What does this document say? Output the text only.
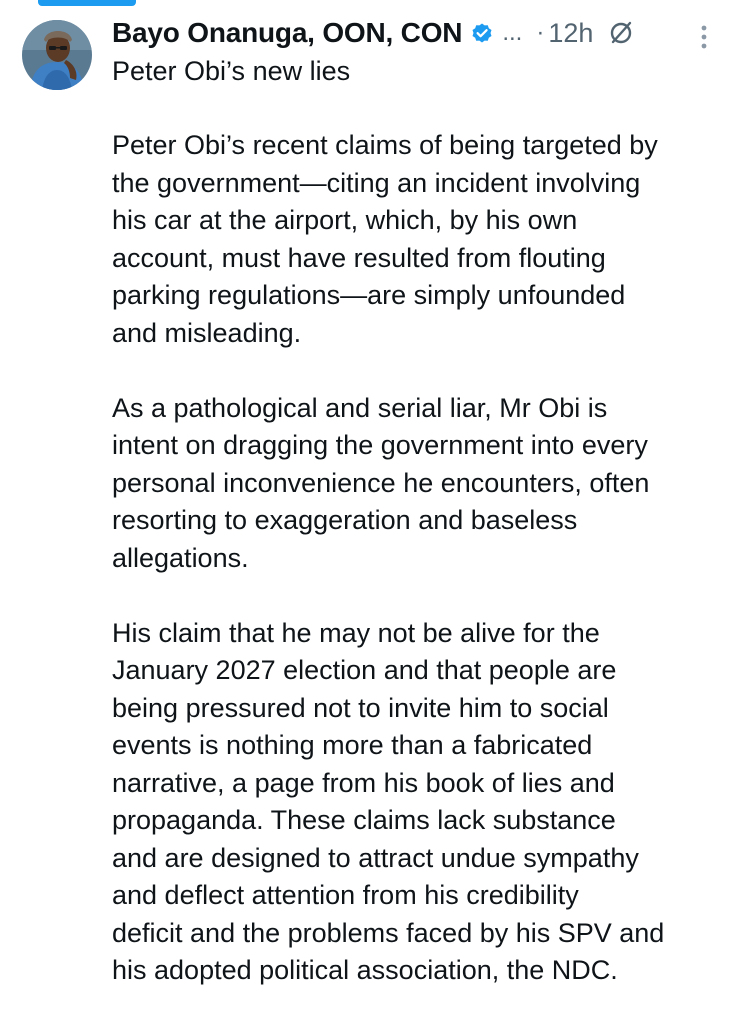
Bayo Onanuga, OON, CON ... · 12h
Peter Obi’s new lies

Peter Obi’s recent claims of being targeted by
the government—citing an incident involving
his car at the airport, which, by his own
account, must have resulted from flouting
parking regulations—are simply unfounded
and misleading.

As a pathological and serial liar, Mr Obi is
intent on dragging the government into every
personal inconvenience he encounters, often
resorting to exaggeration and baseless
allegations.

His claim that he may not be alive for the
January 2027 election and that people are
being pressured not to invite him to social
events is nothing more than a fabricated
narrative, a page from his book of lies and
propaganda. These claims lack substance
and are designed to attract undue sympathy
and deflect attention from his credibility
deficit and the problems faced by his SPV and
his adopted political association, the NDC.
